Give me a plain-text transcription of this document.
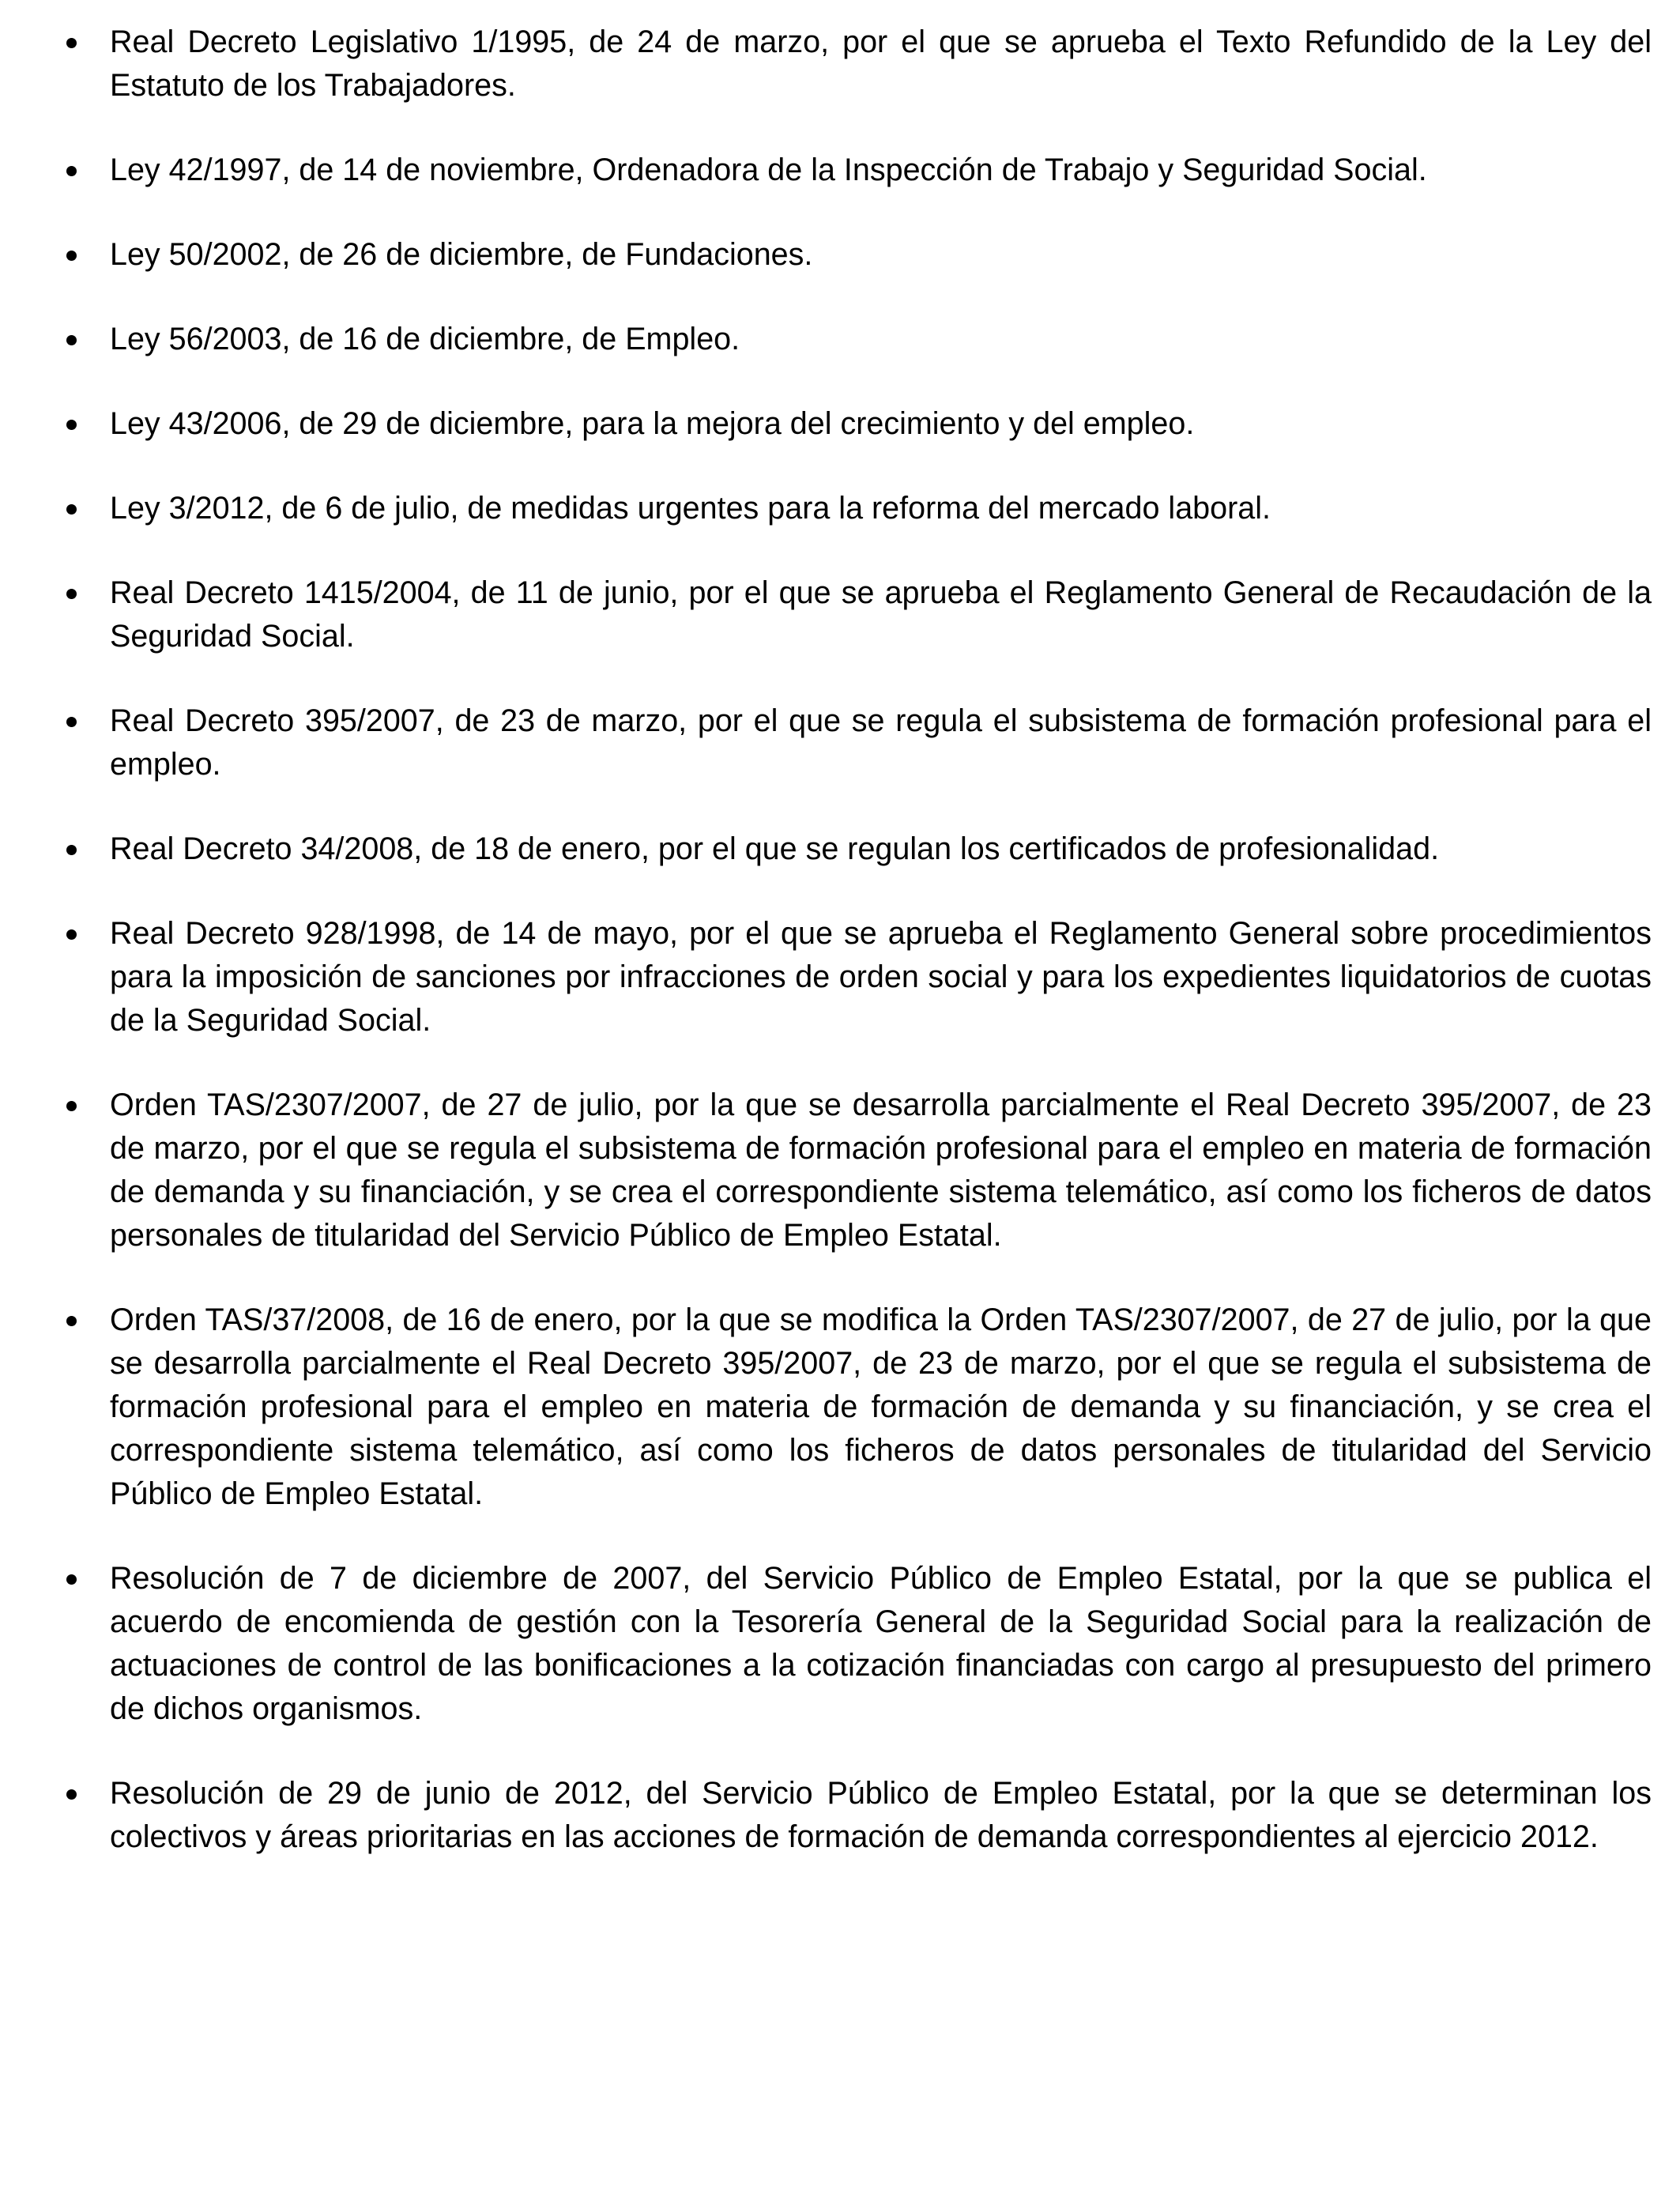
Real Decreto Legislativo 1/1995, de 24 de marzo, por el que se aprueba el Texto Refundido de la Ley del Estatuto de los Trabajadores.
Ley 42/1997, de 14 de noviembre, Ordenadora de la Inspección de Trabajo y Seguridad Social.
Ley 50/2002, de 26 de diciembre, de Fundaciones.
Ley 56/2003, de 16 de diciembre, de Empleo.
Ley 43/2006, de 29 de diciembre, para la mejora del crecimiento y del empleo.
Ley 3/2012, de 6 de julio, de medidas urgentes para la reforma del mercado laboral.
Real Decreto 1415/2004, de 11 de junio, por el que se aprueba el Reglamento General de Recaudación de la Seguridad Social.
Real Decreto 395/2007, de 23 de marzo, por el que se regula el subsistema de formación profesional para el empleo.
Real Decreto 34/2008, de 18 de enero, por el que se regulan los certificados de profesionalidad.
Real Decreto 928/1998, de 14 de mayo, por el que se aprueba el Reglamento General sobre procedimientos para la imposición de sanciones por infracciones de orden social y para los expedientes liquidatorios de cuotas de la Seguridad Social.
Orden TAS/2307/2007, de 27 de julio, por la que se desarrolla parcialmente el Real Decreto 395/2007, de 23 de marzo, por el que se regula el subsistema de formación profesional para el empleo en materia de formación de demanda y su financiación, y se crea el correspondiente sistema telemático, así como los ficheros de datos personales de titularidad del Servicio Público de Empleo Estatal.
Orden TAS/37/2008, de 16 de enero, por la que se modifica la Orden TAS/2307/2007, de 27 de julio, por la que se desarrolla parcialmente el Real Decreto 395/2007, de 23 de marzo, por el que se regula el subsistema de formación profesional para el empleo en materia de formación de demanda y su financiación, y se crea el correspondiente sistema telemático, así como los ficheros de datos personales de titularidad del Servicio Público de Empleo Estatal.
Resolución de 7 de diciembre de 2007, del Servicio Público de Empleo Estatal, por la que se publica el acuerdo de encomienda de gestión con la Tesorería General de la Seguridad Social para la realización de actuaciones de control de las bonificaciones a la cotización financiadas con cargo al presupuesto del primero de dichos organismos.
Resolución de 29 de junio de 2012, del Servicio Público de Empleo Estatal, por la que se determinan los colectivos y áreas prioritarias en las acciones de formación de demanda correspondientes al ejercicio 2012.
